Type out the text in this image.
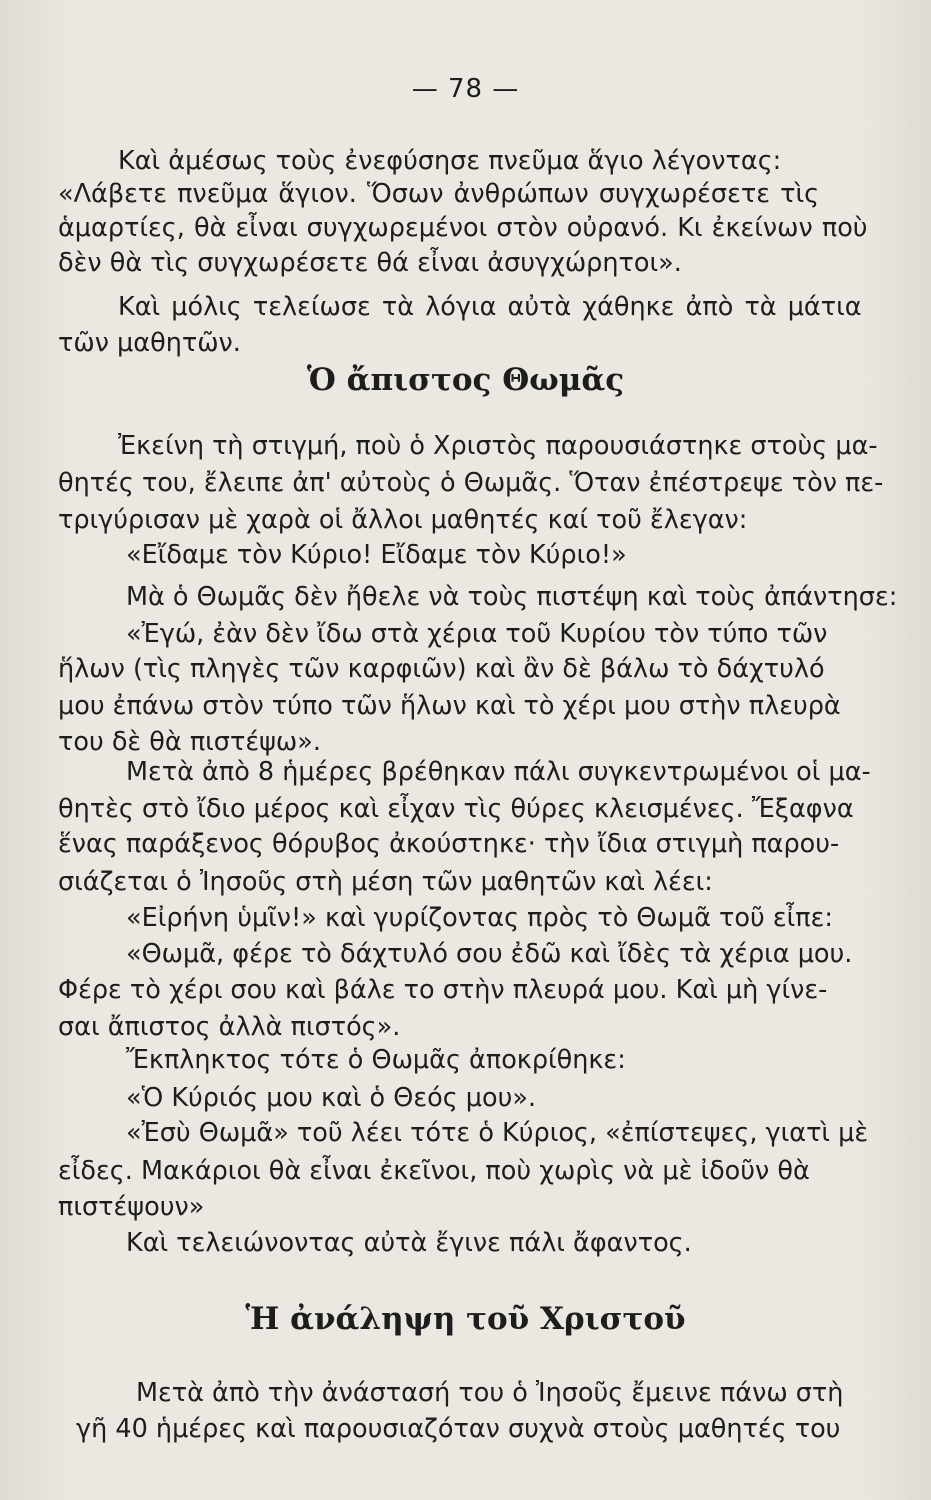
— 78 —
Καὶ ἀμέσως τοὺς ἐνεφύσησε πνεῦμα ἅγιο λέγοντας:
«Λάβετε πνεῦμα ἅγιον. Ὅσων ἀνθρώπων συγχωρέσετε τὶς
ἁμαρτίες, θὰ εἶναι συγχωρεμένοι στὸν οὐρανό. Κι ἐκείνων ποὺ
δὲν θὰ τὶς συγχωρέσετε θά εἶναι ἀσυγχώρητοι».
Καὶ μόλις τελείωσε τὰ λόγια αὐτὰ χάθηκε ἀπὸ τὰ μάτια
τῶν μαθητῶν.
Ὁ ἄπιστος Θωμᾶς
Ἐκείνη τὴ στιγμή, ποὺ ὁ Χριστὸς παρουσιάστηκε στοὺς μα-
θητές του, ἔλειπε ἀπ' αὐτοὺς ὁ Θωμᾶς. Ὅταν ἐπέστρεψε τὸν πε-
τριγύρισαν μὲ χαρὰ οἱ ἄλλοι μαθητές καί τοῦ ἔλεγαν:
«Εἴδαμε τὸν Κύριο! Εἴδαμε τὸν Κύριο!»
Μὰ ὁ Θωμᾶς δὲν ἤθελε νὰ τοὺς πιστέψη καὶ τοὺς ἀπάντησε:
«Ἐγώ, ἐὰν δὲν ἴδω στὰ χέρια τοῦ Κυρίου τὸν τύπο τῶν
ἥλων (τὶς πληγὲς τῶν καρφιῶν) καὶ ἂν δὲ βάλω τὸ δάχτυλό
μου ἐπάνω στὸν τύπο τῶν ἥλων καὶ τὸ χέρι μου στὴν πλευρὰ
του δὲ θὰ πιστέψω».
Μετὰ ἀπὸ 8 ἡμέρες βρέθηκαν πάλι συγκεντρωμένοι οἱ μα-
θητὲς στὸ ἴδιο μέρος καὶ εἶχαν τὶς θύρες κλεισμένες. Ἔξαφνα
ἕνας παράξενος θόρυβος ἀκούστηκε· τὴν ἴδια στιγμὴ παρου-
σιάζεται ὁ Ἰησοῦς στὴ μέση τῶν μαθητῶν καὶ λέει:
«Εἰρήνη ὑμῖν!» καὶ γυρίζοντας πρὸς τὸ Θωμᾶ τοῦ εἶπε:
«Θωμᾶ, φέρε τὸ δάχτυλό σου ἐδῶ καὶ ἴδὲς τὰ χέρια μου.
Φέρε τὸ χέρι σου καὶ βάλε το στὴν πλευρά μου. Καὶ μὴ γίνε-
σαι ἄπιστος ἀλλὰ πιστός».
Ἔκπληκτος τότε ὁ Θωμᾶς ἀποκρίθηκε:
«Ὁ Κύριός μου καὶ ὁ Θεός μου».
«Ἐσὺ Θωμᾶ» τοῦ λέει τότε ὁ Κύριος, «ἐπίστεψες, γιατὶ μὲ
εἶδες. Μακάριοι θὰ εἶναι ἐκεῖνοι, ποὺ χωρὶς νὰ μὲ ἰδοῦν θὰ
πιστέψουν»
Καὶ τελειώνοντας αὐτὰ ἔγινε πάλι ἄφαντος.
Ἡ ἀνάληψη τοῦ Χριστοῦ
Μετὰ ἀπὸ τὴν ἀνάστασή του ὁ Ἰησοῦς ἔμεινε πάνω στὴ
γῆ 40 ἡμέρες καὶ παρουσιαζόταν συχνὰ στοὺς μαθητές του
